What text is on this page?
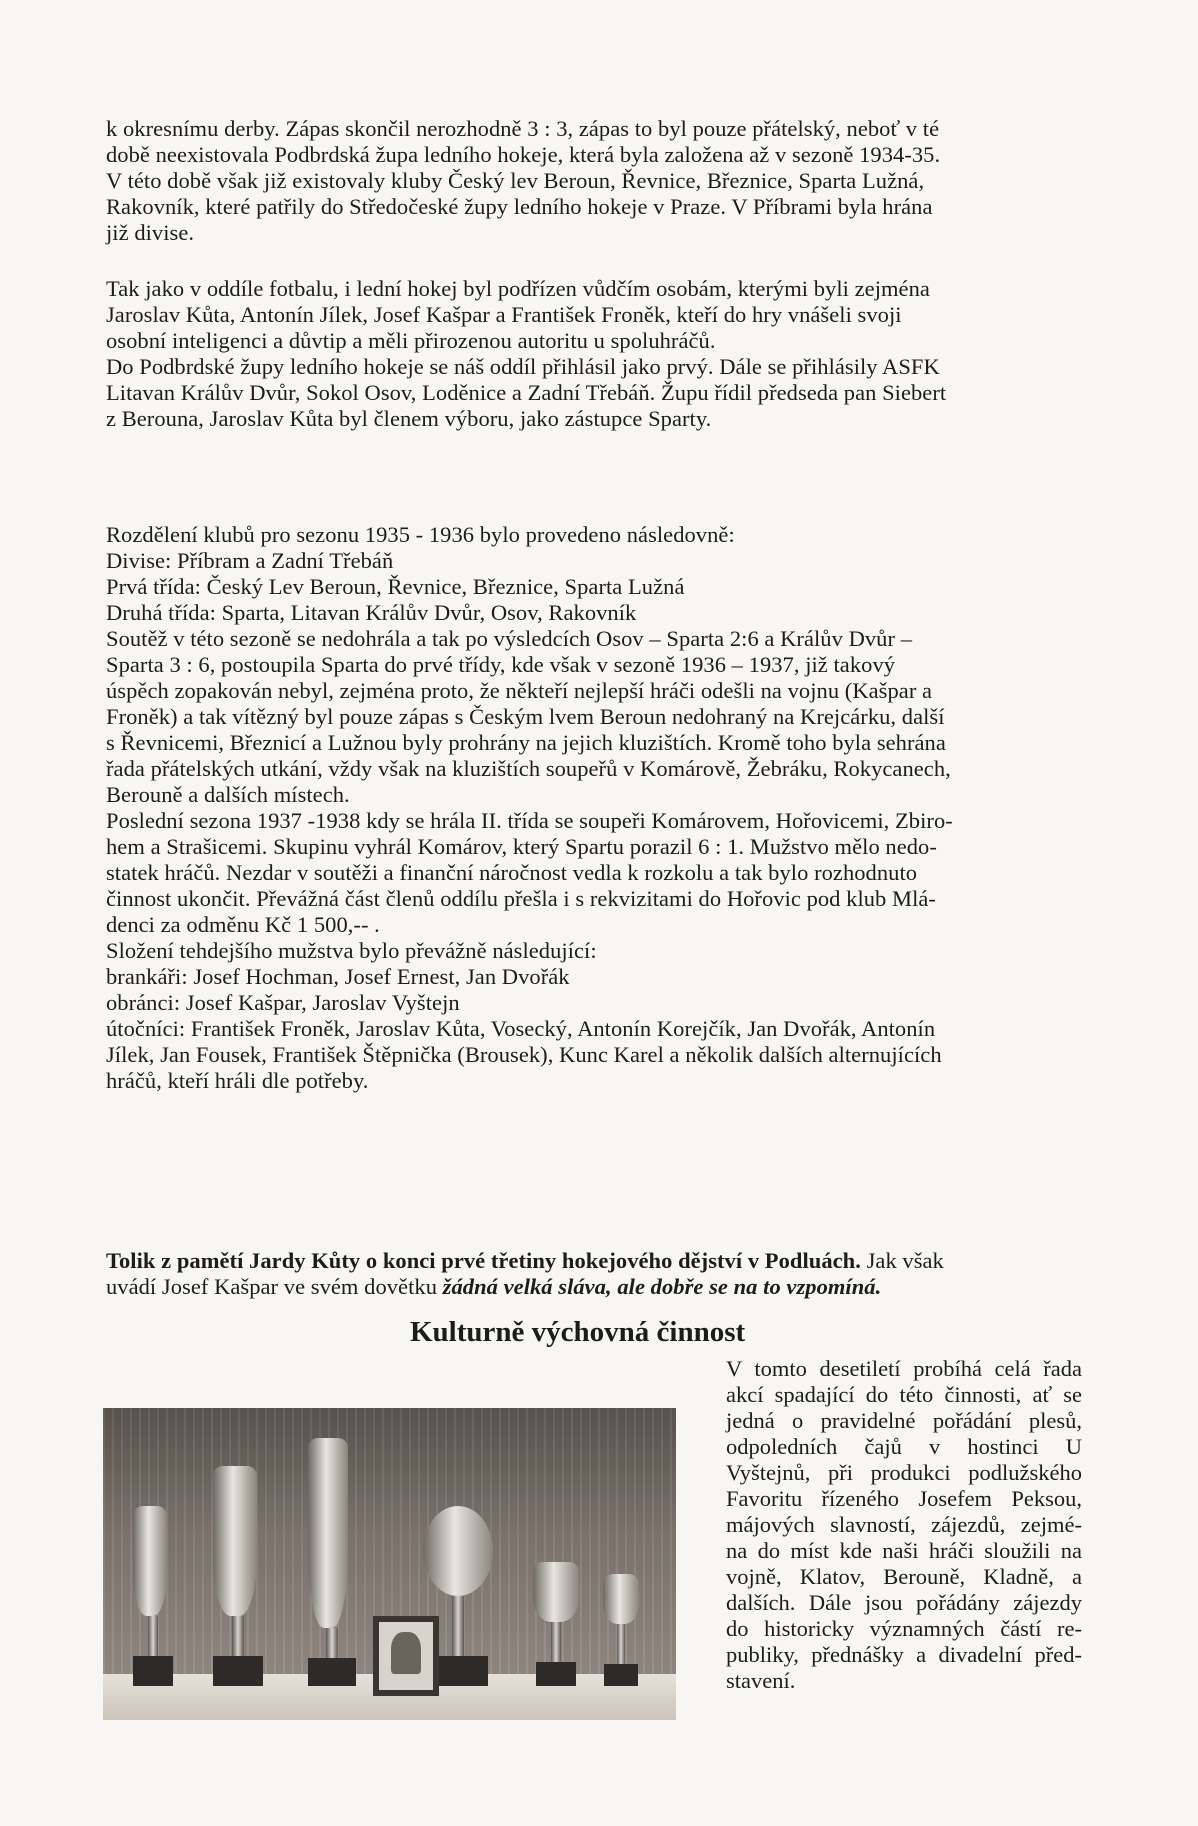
k okresnímu derby. Zápas skončil nerozhodně 3 : 3, zápas to byl pouze přátelský, neboť v té
době neexistovala Podbrdská župa ledního hokeje, která byla založena až v sezoně 1934-35.
V této době však již existovaly kluby Český lev Beroun, Řevnice, Březnice, Sparta Lužná,
Rakovník, které patřily do Středočeské župy ledního hokeje v Praze. V Příbrami byla hrána
již divise.

Tak jako v oddíle fotbalu, i lední hokej byl podřízen vůdčím osobám, kterými byli zejména
Jaroslav Kůta, Antonín Jílek, Josef Kašpar a František Froněk, kteří do hry vnášeli svoji
osobní inteligenci a důvtip a měli přirozenou autoritu u spoluhráčů.
Do Podbrdské župy ledního hokeje se náš oddíl přihlásil jako prvý. Dále se přihlásily ASFK
Litavan Králův Dvůr, Sokol Osov, Loděnice a Zadní Třebáň. Župu řídil předseda pan Siebert
z Berouna, Jaroslav Kůta byl členem výboru, jako zástupce Sparty.

Rozdělení klubů pro sezonu 1935 - 1936 bylo provedeno následovně:
Divise: Příbram a Zadní Třebáň
Prvá třída: Český Lev Beroun, Řevnice, Březnice, Sparta Lužná
Druhá třída: Sparta, Litavan Králův Dvůr, Osov, Rakovník
Soutěž v této sezoně se nedohrála a tak po výsledcích Osov – Sparta 2:6 a Králův Dvůr –
Sparta 3 : 6, postoupila Sparta do prvé třídy, kde však v sezoně 1936 – 1937, již takový
úspěch zopakován nebyl, zejména proto, že někteří nejlepší hráči odešli na vojnu (Kašpar a
Froněk) a tak vítězný byl pouze zápas s Českým lvem Beroun nedohraný na Krejcárku, další
s Řevnicemi, Březnicí a Lužnou byly prohrány na jejich kluzištích. Kromě toho byla sehrána
řada přátelských utkání, vždy však na kluzištích soupeřů v Komárově, Žebráku, Rokycanech,
Berouně a dalších místech.
Poslední sezona 1937 -1938 kdy se hrála II. třída se soupeři Komárovem, Hořovicemi, Zbiro-
hem a Strašicemi. Skupinu vyhrál Komárov, který Spartu porazil 6 : 1. Mužstvo mělo nedo-
statek hráčů. Nezdar v soutěži a finanční náročnost vedla k rozkolu a tak bylo rozhodnuto
činnost ukončit. Převážná část členů oddílu přešla i s rekvizitami do Hořovic pod klub Mlá-
denci za odměnu Kč 1 500,-- .
Složení tehdejšího mužstva bylo převážně následující:
brankáři: Josef Hochman, Josef Ernest, Jan Dvořák
obránci: Josef Kašpar, Jaroslav Vyštejn
útočníci: František Froněk, Jaroslav Kůta, Vosecký, Antonín Korejčík, Jan Dvořák, Antonín
Jílek, Jan Fousek, František Štěpnička (Brousek), Kunc Karel a několik dalších alternujících
hráčů, kteří hráli dle potřeby.

Tolik z pamětí Jardy Kůty o konci prvé třetiny hokejového dějství v Podluách. Jak však
uvádí Josef Kašpar ve svém dovětku žádná velká sláva, ale dobře se na to vzpomíná.

Kulturně výchovná činnost

V tomto desetiletí probíhá celá řada
akcí spadající do této činnosti, ať se
jedná o pravidelné pořádání plesů,
odpoledních čajů v hostinci U
Vyštejnů, při produkci podlužského
Favoritu řízeného Josefem Peksou,
májových slavností, zájezdů, zejmé-
na do míst kde naši hráči sloužili na
vojně, Klatov, Berouně, Kladně, a
dalších. Dále jsou pořádány zájezdy
do historicky významných částí re-
publiky, přednášky a divadelní před-
stavení.
